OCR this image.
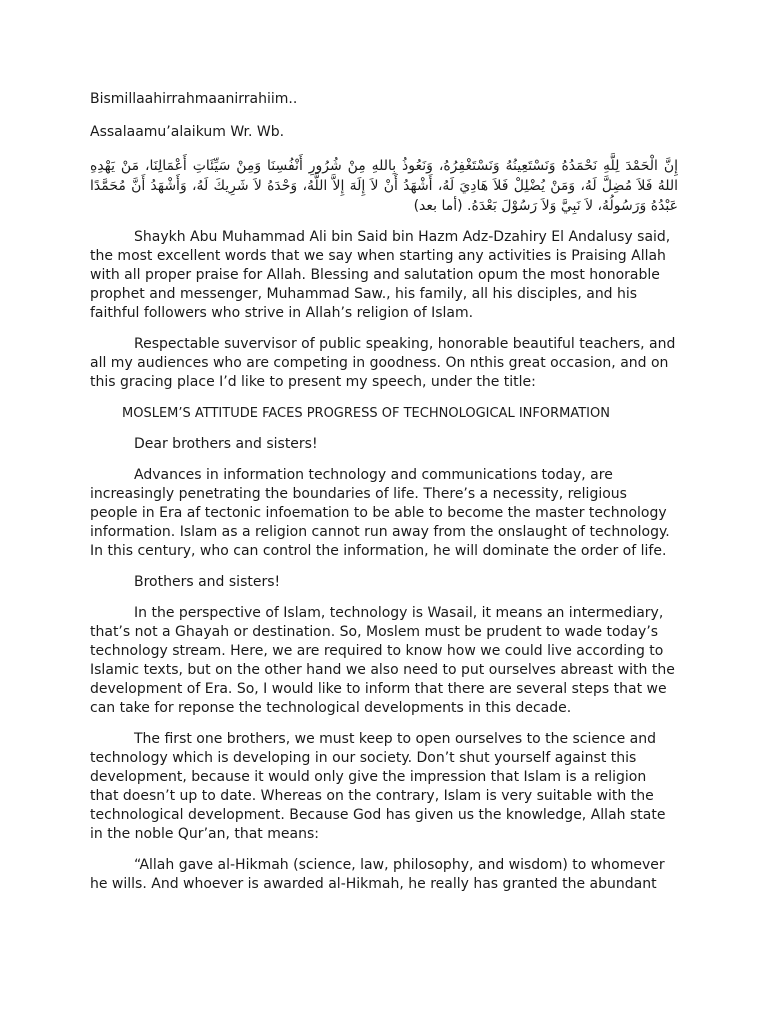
Bismillaahirrahmaanirrahiim..

Assalaamu’alaikum Wr. Wb.

إِنَّ الْحَمْدَ لِلَّهِ نَحْمَدُهُ وَنَسْتَعِينُهُ وَنَسْتَغْفِرُهُ، وَنَعُوذُ بِاللهِ مِنْ شُرُورِ أَنْفُسِنَا وَمِنْ سَيِّئَاتِ أَعْمَالِنَا، مَنْ يَهْدِهِ اللهُ فَلاَ مُضِلَّ لَهُ، وَمَنْ يُضْلِلْ فَلاَ هَادِيَ لَهُ، أَشْهَدُ أَنْ لاَ إِلَهَ إِلاَّ اللَّهُ، وَحْدَهُ لاَ شَرِيكَ لَهُ، وَأَشْهَدُ أَنَّ مُحَمَّدًا عَبْدُهُ وَرَسُولُهُ، لاَ نَبِيَّ وَلاَ رَسُوْلَ بَعْدَهُ. (أما بعد)

Shaykh Abu Muhammad Ali bin Said bin Hazm Adz-Dzahiry El Andalusy said, the most excellent words that we say when starting any activities is Praising Allah with all proper praise for Allah. Blessing and salutation opum the most honorable prophet and messenger, Muhammad Saw., his family, all his disciples, and his faithful followers who strive in Allah’s religion of Islam.

Respectable suvervisor of public speaking, honorable beautiful teachers, and all my audiences who are competing in goodness. On nthis great occasion, and on this gracing place I’d like to present my speech, under the title:

MOSLEM’S ATTITUDE FACES PROGRESS OF TECHNOLOGICAL INFORMATION

Dear brothers and sisters!

Advances in information technology and communications today, are increasingly penetrating the boundaries of life. There’s a necessity, religious people in Era af tectonic infoemation to be able to become the master technology information. Islam as a religion cannot run away from the onslaught of technology. In this century, who can control the information, he will dominate the order of life.

Brothers and sisters!

In the perspective of Islam, technology is Wasail, it means an intermediary, that’s not a Ghayah or destination. So, Moslem must be prudent to wade today’s technology stream. Here, we are required to know how we could live according to Islamic texts, but on the other hand we also need to put ourselves abreast with the development of Era. So, I would like to inform that there are several steps that we can take for reponse the technological developments in this decade.

The first one brothers, we must keep to open ourselves to the science and technology which is developing in our society. Don’t shut yourself against this development, because it would only give the impression that Islam is a religion that doesn’t up to date. Whereas on the contrary, Islam is very suitable with the technological development. Because God has given us the knowledge, Allah state in the noble Qur’an, that means:

“Allah gave al-Hikmah (science, law, philosophy, and wisdom) to whomever he wills. And whoever is awarded al-Hikmah, he really has granted the abundant
